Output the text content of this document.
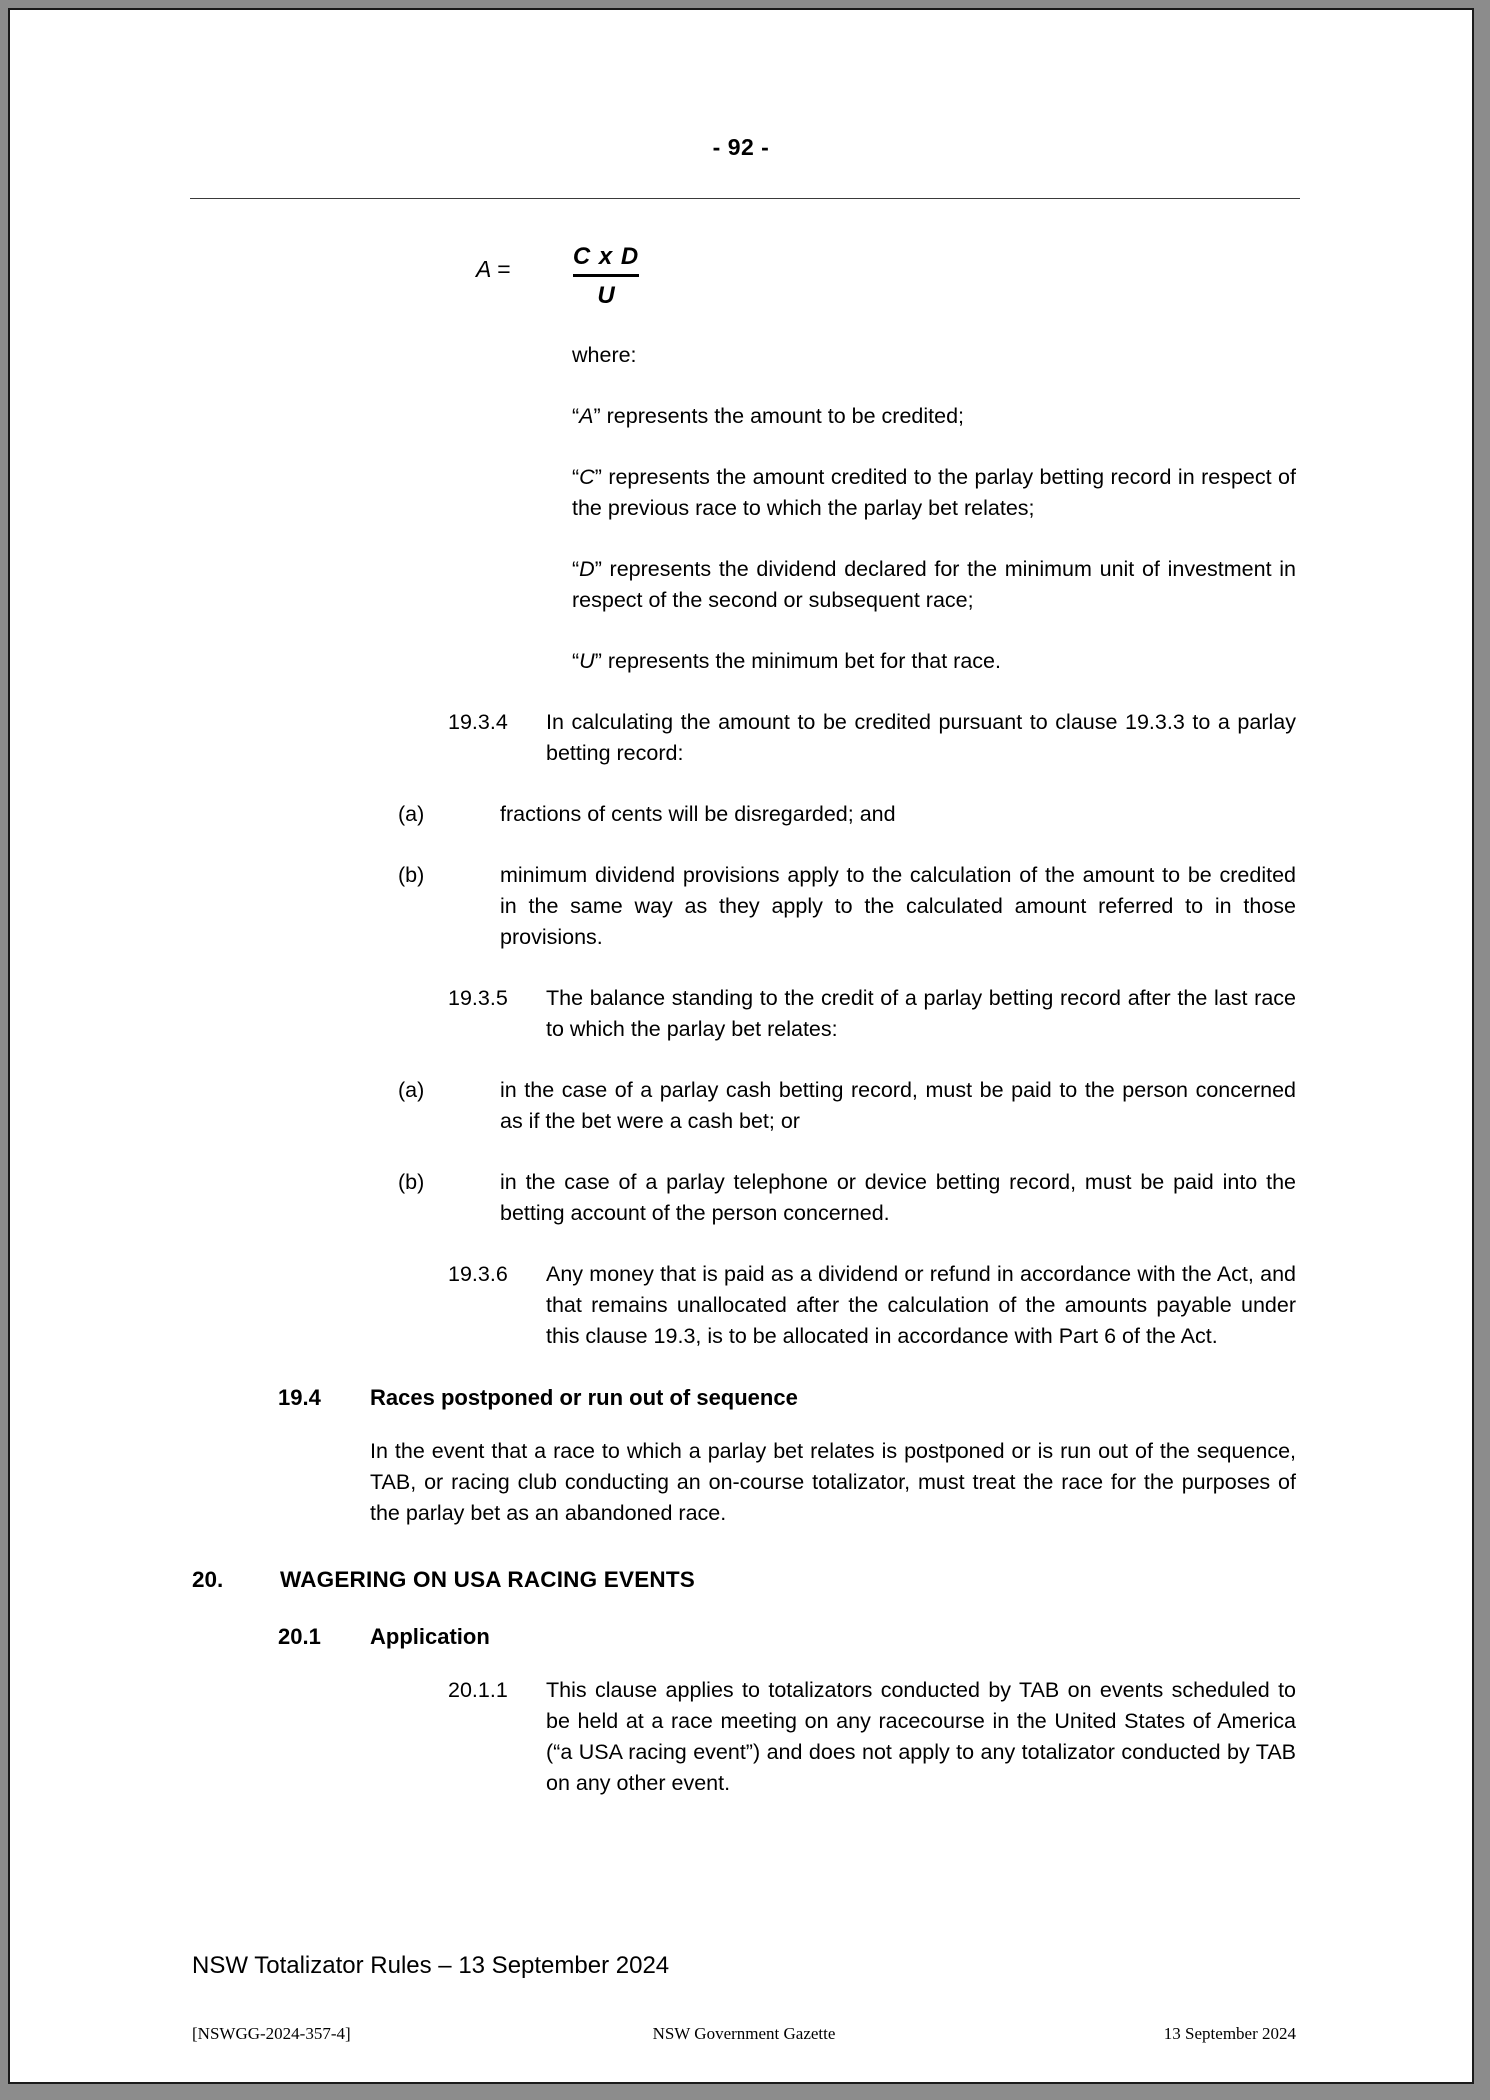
- 92 -
$A = \frac{\text{C x D}}{U}$
where:
“A” represents the amount to be credited;
“C” represents the amount credited to the parlay betting record in respect of the previous race to which the parlay bet relates;
“D” represents the dividend declared for the minimum unit of investment in respect of the second or subsequent race;
“U” represents the minimum bet for that race.
19.3.4	In calculating the amount to be credited pursuant to clause 19.3.3 to a parlay betting record:
(a)	fractions of cents will be disregarded; and
(b)	minimum dividend provisions apply to the calculation of the amount to be credited in the same way as they apply to the calculated amount referred to in those provisions.
19.3.5	The balance standing to the credit of a parlay betting record after the last race to which the parlay bet relates:
(a)	in the case of a parlay cash betting record, must be paid to the person concerned as if the bet were a cash bet; or
(b)	in the case of a parlay telephone or device betting record, must be paid into the betting account of the person concerned.
19.3.6	Any money that is paid as a dividend or refund in accordance with the Act, and that remains unallocated after the calculation of the amounts payable under this clause 19.3, is to be allocated in accordance with Part 6 of the Act.
19.4	Races postponed or run out of sequence
In the event that a race to which a parlay bet relates is postponed or is run out of the sequence, TAB, or racing club conducting an on-course totalizator, must treat the race for the purposes of the parlay bet as an abandoned race.
20.	WAGERING ON USA RACING EVENTS
20.1	Application
20.1.1	This clause applies to totalizators conducted by TAB on events scheduled to be held at a race meeting on any racecourse in the United States of America (“a USA racing event”) and does not apply to any totalizator conducted by TAB on any other event.
NSW Totalizator Rules – 13 September 2024
[NSWGG-2024-357-4]	NSW Government Gazette	13 September 2024
